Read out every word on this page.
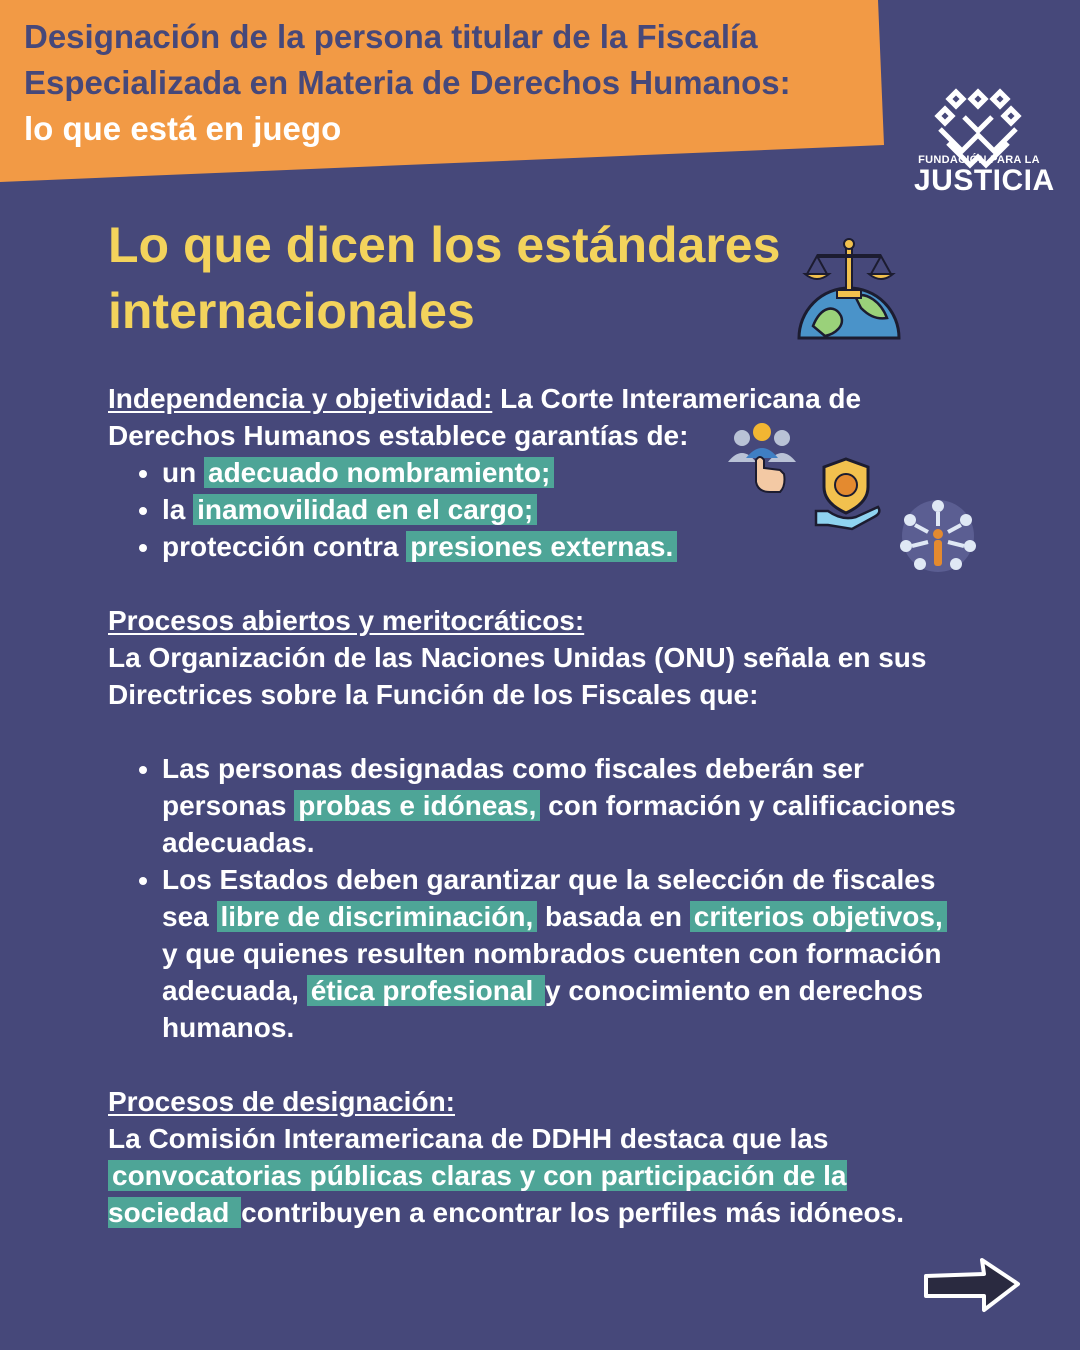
Designación de la persona titular de la Fiscalía
Especializada en Materia de Derechos Humanos:
lo que está en juego
FUNDACIÓN PARA LA
JUSTICIA
Lo que dicen los estándares internacionales

Independencia y objetividad: La Corte Interamericana de Derechos Humanos establece garantías de:

• un adecuado nombramiento;
• la inamovilidad en el cargo;
• protección contra presiones externas.

Procesos abiertos y meritocráticos:

La Organización de las Naciones Unidas (ONU) señala en sus Directrices sobre la Función de los Fiscales que:

• Las personas designadas como fiscales deberán ser personas probas e idóneas, con formación y calificaciones adecuadas.
• Los Estados deben garantizar que la selección de fiscales sea libre de discriminación, basada en criterios objetivos, y que quienes resulten nombrados cuenten con formación adecuada, ética profesional y conocimiento en derechos humanos.

Procesos de designación:

La Comisión Interamericana de DDHH destaca que las convocatorias públicas claras y con participación de la sociedad contribuyen a encontrar los perfiles más idóneos.
